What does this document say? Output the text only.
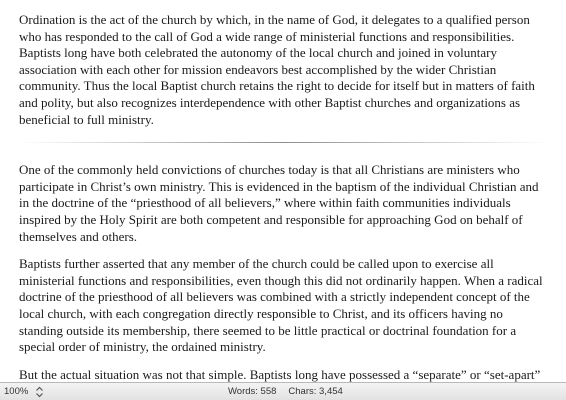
Ordination is the act of the church by which, in the name of God, it delegates to a qualified person who has responded to the call of God a wide range of ministerial functions and responsibilities. Baptists long have both celebrated the autonomy of the local church and joined in voluntary association with each other for mission endeavors best accomplished by the wider Christian community. Thus the local Baptist church retains the right to decide for itself but in matters of faith and polity, but also recognizes interdependence with other Baptist churches and organizations as beneficial to full ministry.

One of the commonly held convictions of churches today is that all Christians are ministers who participate in Christ’s own ministry. This is evidenced in the baptism of the individual Christian and in the doctrine of the “priesthood of all believers,” where within faith communities individuals inspired by the Holy Spirit are both competent and responsible for approaching God on behalf of themselves and others.

Baptists further asserted that any member of the church could be called upon to exercise all ministerial functions and responsibilities, even though this did not ordinarily happen. When a radical doctrine of the priesthood of all believers was combined with a strictly independent concept of the local church, with each congregation directly responsible to Christ, and its officers having no standing outside its membership, there seemed to be little practical or doctrinal foundation for a special order of ministry, the ordained ministry.

But the actual situation was not that simple. Baptists long have possessed a “separate” or “set-apart”

100%	Words: 558 Chars: 3,454
